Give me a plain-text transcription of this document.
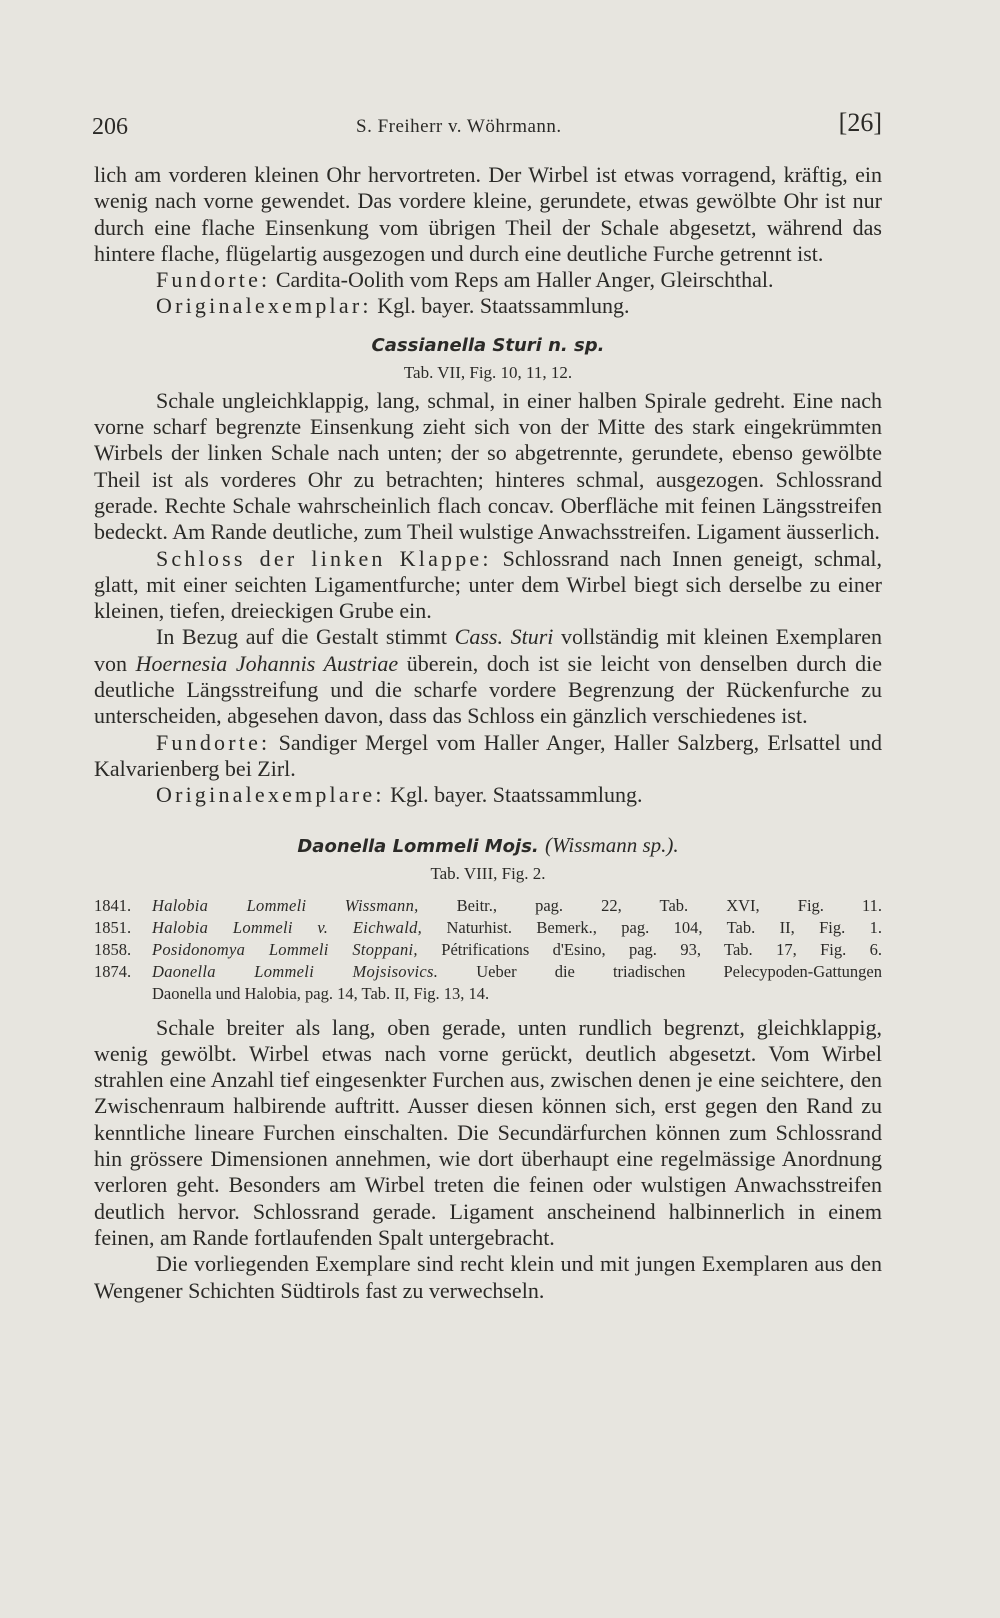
206	S. Freiherr v. Wöhrmann.	[26]

lich am vorderen kleinen Ohr hervortreten. Der Wirbel ist etwas vorragend, kräftig, ein wenig nach vorne gewendet. Das vordere kleine, gerundete, etwas gewölbte Ohr ist nur durch eine flache Einsenkung vom übrigen Theil der Schale abgesetzt, während das hintere flache, flügelartig ausgezogen und durch eine deutliche Furche getrennt ist.

Fundorte: Cardita-Oolith vom Reps am Haller Anger, Gleirschthal.

Originalexemplar: Kgl. bayer. Staatssammlung.

Cassianella Sturi n. sp.
Tab. VII, Fig. 10, 11, 12.

Schale ungleichklappig, lang, schmal, in einer halben Spirale gedreht. Eine nach vorne scharf begrenzte Einsenkung zieht sich von der Mitte des stark eingekrümmten Wirbels der linken Schale nach unten; der so abgetrennte, gerundete, ebenso gewölbte Theil ist als vorderes Ohr zu betrachten; hinteres schmal, ausgezogen. Schlossrand gerade. Rechte Schale wahrscheinlich flach concav. Oberfläche mit feinen Längsstreifen bedeckt. Am Rande deutliche, zum Theil wulstige Anwachsstreifen. Ligament äusserlich.

Schloss der linken Klappe: Schlossrand nach Innen geneigt, schmal, glatt, mit einer seichten Ligamentfurche; unter dem Wirbel biegt sich derselbe zu einer kleinen, tiefen, dreieckigen Grube ein.

In Bezug auf die Gestalt stimmt Cass. Sturi vollständig mit kleinen Exemplaren von Hoernesia Johannis Austriae überein, doch ist sie leicht von denselben durch die deutliche Längsstreifung und die scharfe vordere Begrenzung der Rückenfurche zu unterscheiden, abgesehen davon, dass das Schloss ein gänzlich verschiedenes ist.

Fundorte: Sandiger Mergel vom Haller Anger, Haller Salzberg, Erlsattel und Kalvarienberg bei Zirl.

Originalexemplare: Kgl. bayer. Staatssammlung.

Daonella Lommeli Mojs. (Wissmann sp.).
Tab. VIII, Fig. 2.
1841.	Halobia Lommeli Wissmann, Beitr., pag. 22, Tab. XVI, Fig. 11.
1851.	Halobia Lommeli v. Eichwald, Naturhist. Bemerk., pag. 104, Tab. II, Fig. 1.
1858.	Posidonomya Lommeli Stoppani, Pétrifications d'Esino, pag. 93, Tab. 17, Fig. 6.
1874.	Daonella Lommeli Mojsisovics. Ueber die triadischen Pelecypoden-Gattungen
Daonella und Halobia, pag. 14, Tab. II, Fig. 13, 14.

Schale breiter als lang, oben gerade, unten rundlich begrenzt, gleichklappig, wenig gewölbt. Wirbel etwas nach vorne gerückt, deutlich abgesetzt. Vom Wirbel strahlen eine Anzahl tief eingesenkter Furchen aus, zwischen denen je eine seichtere, den Zwischenraum halbirende auftritt. Ausser diesen können sich, erst gegen den Rand zu kenntliche lineare Furchen einschalten. Die Secundärfurchen können zum Schlossrand hin grössere Dimensionen annehmen, wie dort überhaupt eine regelmässige Anordnung verloren geht. Besonders am Wirbel treten die feinen oder wulstigen Anwachsstreifen deutlich hervor. Schlossrand gerade. Ligament anscheinend halbinnerlich in einem feinen, am Rande fortlaufenden Spalt untergebracht.

Die vorliegenden Exemplare sind recht klein und mit jungen Exemplaren aus den Wengener Schichten Südtirols fast zu verwechseln.
